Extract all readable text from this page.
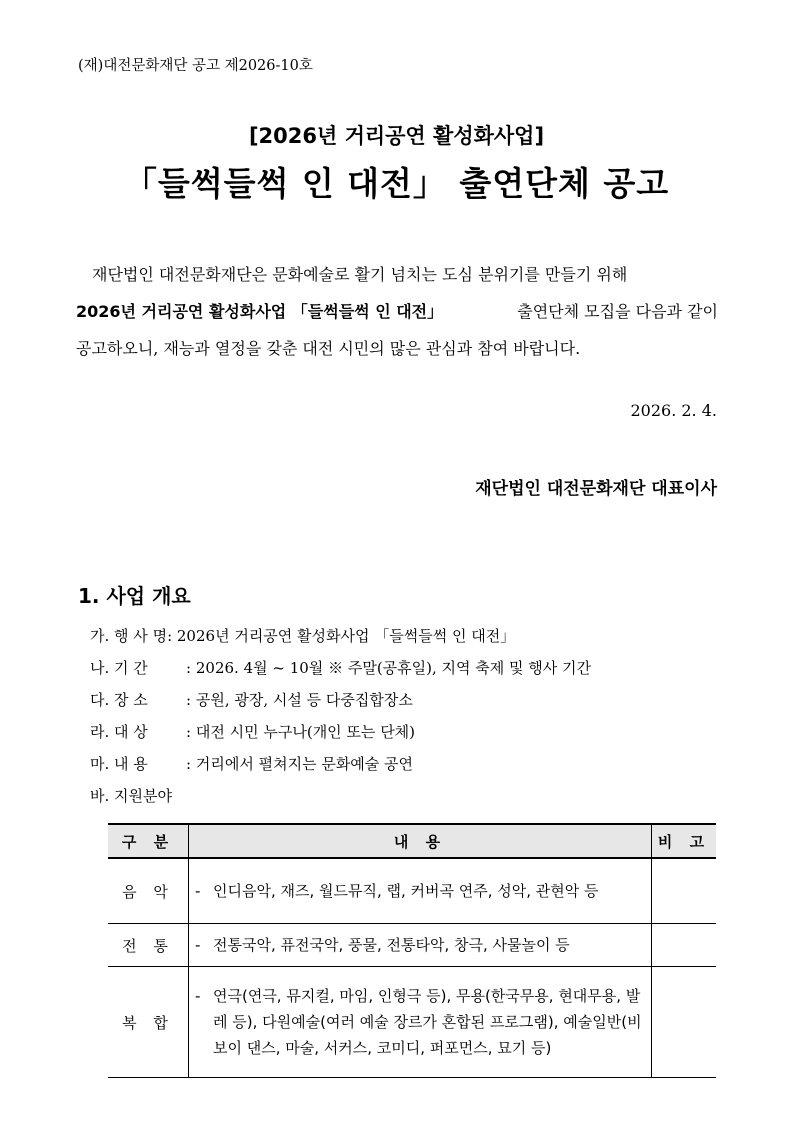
(재)대전문화재단 공고 제2026-10호
[2026년 거리공연 활성화사업]
「들썩들썩 인 대전」 출연단체 공고
재단법인 대전문화재단은 문화예술로 활기 넘치는 도심 분위기를 만들기 위해
2026년 거리공연 활성화사업 「들썩들썩 인 대전」	출연단체 모집을 다음과 같이
공고하오니, 재능과 열정을 갖춘 대전 시민의 많은 관심과 참여 바랍니다.
2026. 2. 4.
재단법인 대전문화재단 대표이사
1. 사업 개요
가.
행 사 명 : 2026년 거리공연 활성화사업 「들썩들썩 인 대전」
나.
기 간	: 2026. 4월 ~ 10월 ※ 주말(공휴일), 지역 축제 및 행사 기간
다.
장 소	: 공원, 광장, 시설 등 다중집합장소
라.
대 상	: 대전 시민 누구나(개인 또는 단체)
마.
내 용	: 거리에서 펼쳐지는 문화예술 공연
바.
지원분야
구 분	내 용	비 고
음 악	- 인디음악, 재즈, 월드뮤직, 랩, 커버곡 연주, 성악, 관현악 등	

전 통	- 전통국악, 퓨전국악, 풍물, 전통타악, 창극, 사물놀이 등	

복 합	- 연극(연극, 뮤지컬, 마임, 인형극 등), 무용(한국무용, 현대무용, 발레 등), 다원예술(여러 예술 장르가 혼합된 프로그램), 예술일반(비보이 댄스, 마술, 서커스, 코미디, 퍼포먼스, 묘기 등)	
